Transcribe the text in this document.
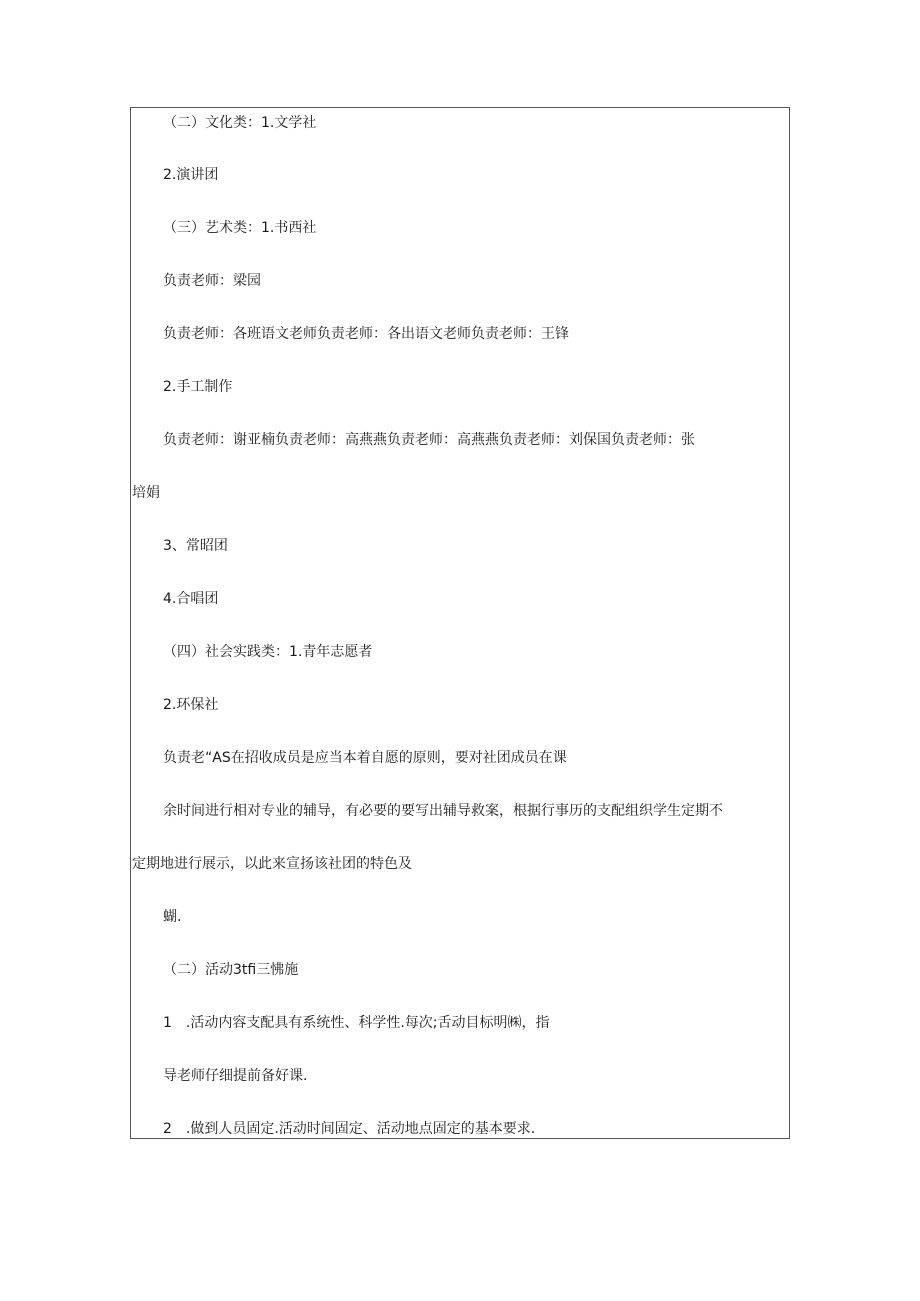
（二）文化类：1.文学社

2.演讲团

（三）艺术类：1.书西社

负责老师：梁园

负责老师：各班语文老师负责老师：各出语文老师负责老师：王锋

2.手工制作

负责老师：谢亚楠负责老师：高燕燕负责老师：高燕燕负责老师：刘保国负责老师：张

培娟

3、常昭团

4.合唱团

（四）社会实践类：1.青年志愿者

2.环保社

负责老“AS在招收成员是应当本着自愿的原则，要对社团成员在课

余时间进行相对专业的辅导，有必要的要写出辅导救案，根据行事历的支配组织学生定期不

定期地进行展示，以此来宣扬该社团的特色及

蝴.

（二）活动3tfi三怫施

1　.活动内容支配具有系统性、科学性.每次;舌动目标明㈱，指

导老师仔细提前备好课.

2　.做到人员固定.活动时间固定、活动地点固定的基本要求.
